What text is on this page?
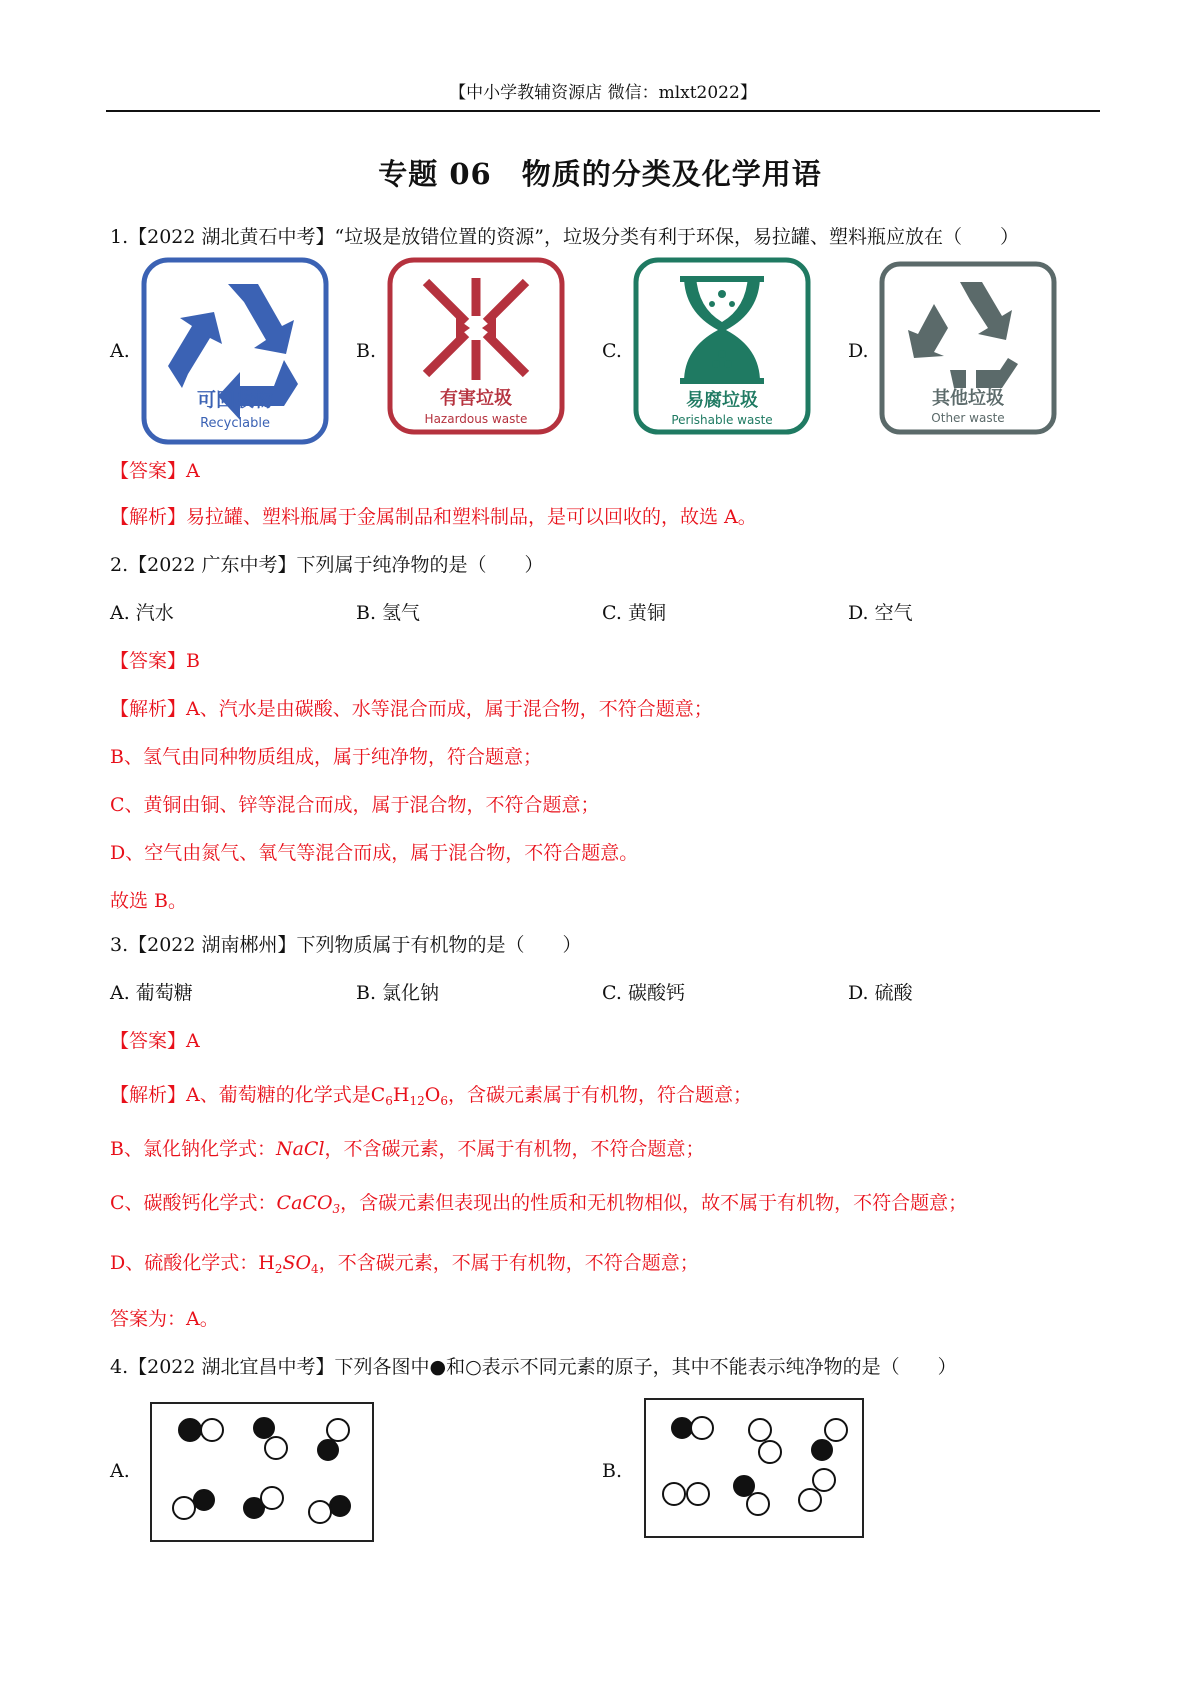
【中小学教辅资源店 微信：mlxt2022】
专题 06　物质的分类及化学用语
1.【2022 湖北黄石中考】“垃圾是放错位置的资源”，垃圾分类有利于环保，易拉罐、塑料瓶应放在（　　）
A.
可回收物
Recyclable
B.
有害垃圾
Hazardous waste
C.
易腐垃圾
Perishable waste
D.
其他垃圾
Other waste
【答案】A
【解析】易拉罐、塑料瓶属于金属制品和塑料制品，是可以回收的，故选 A。
2.【2022 广东中考】下列属于纯净物的是（　　）
A. 汽水	B. 氢气	C. 黄铜	D. 空气
【答案】B
【解析】A、汽水是由碳酸、水等混合而成，属于混合物，不符合题意；
B、氢气由同种物质组成，属于纯净物，符合题意；
C、黄铜由铜、锌等混合而成，属于混合物，不符合题意；
D、空气由氮气、氧气等混合而成，属于混合物，不符合题意。
故选 B。
3.【2022 湖南郴州】下列物质属于有机物的是（　　）
A. 葡萄糖	B. 氯化钠	C. 碳酸钙	D. 硫酸
【答案】A
【解析】A、葡萄糖的化学式是$C_6H_{12}O_6$，含碳元素属于有机物，符合题意；
B、氯化钠化学式：NaCl，不含碳元素，不属于有机物，不符合题意；
C、碳酸钙化学式：CaCO$_3$，含碳元素但表现出的性质和无机物相似，故不属于有机物，不符合题意；
D、硫酸化学式：$H_2SO_4$，不含碳元素，不属于有机物，不符合题意；
答案为：A。
4.【2022 湖北宜昌中考】下列各图中●和○表示不同元素的原子，其中不能表示纯净物的是（　　）
A.	B.
